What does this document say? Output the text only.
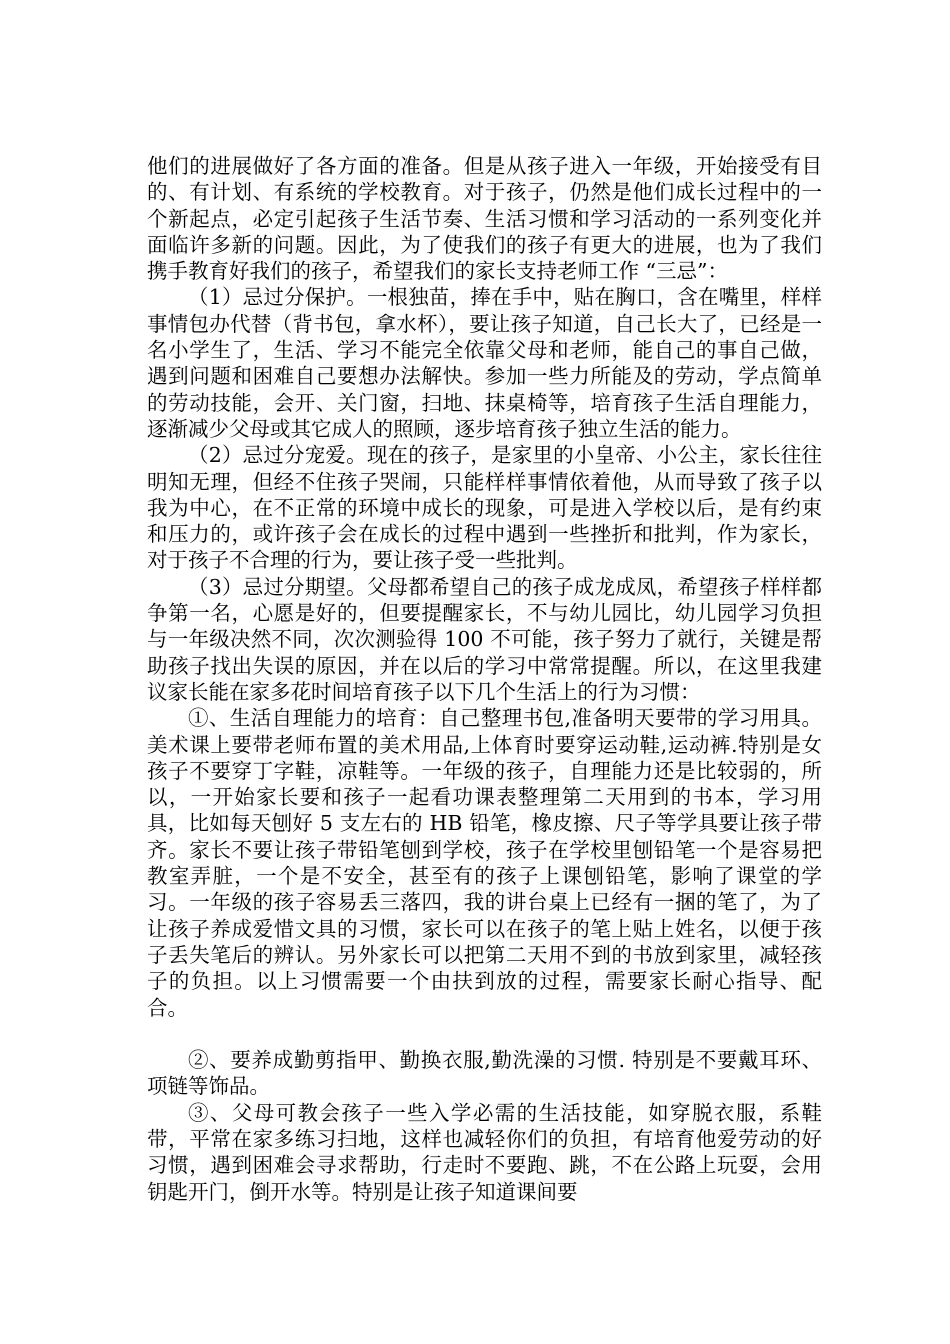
他们的进展做好了各方面的准备。但是从孩子进入一年级，开始接受有目的、有计划、有系统的学校教育。对于孩子，仍然是他们成长过程中的一个新起点，必定引起孩子生活节奏、生活习惯和学习活动的一系列变化并面临许多新的问题。因此，为了使我们的孩子有更大的进展，也为了我们携手教育好我们的孩子，希望我们的家长支持老师工作 “三忌”：

（1）忌过分保护。一根独苗，捧在手中，贴在胸口，含在嘴里，样样事情包办代替（背书包，拿水杯），要让孩子知道，自己长大了，已经是一名小学生了，生活、学习不能完全依靠父母和老师，能自己的事自己做，遇到问题和困难自己要想办法解快。参加一些力所能及的劳动，学点简单的劳动技能，会开、关门窗，扫地、抹桌椅等，培育孩子生活自理能力，逐渐减少父母或其它成人的照顾，逐步培育孩子独立生活的能力。

（2）忌过分宠爱。现在的孩子，是家里的小皇帝、小公主，家长往往明知无理，但经不住孩子哭闹，只能样样事情依着他，从而导致了孩子以我为中心，在不正常的环境中成长的现象，可是进入学校以后，是有约束和压力的，或许孩子会在成长的过程中遇到一些挫折和批判，作为家长，对于孩子不合理的行为，要让孩子受一些批判。

（3）忌过分期望。父母都希望自己的孩子成龙成凤，希望孩子样样都争第一名，心愿是好的，但要提醒家长，不与幼儿园比，幼儿园学习负担与一年级决然不同，次次测验得 100 不可能，孩子努力了就行，关键是帮助孩子找出失误的原因，并在以后的学习中常常提醒。所以，在这里我建议家长能在家多花时间培育孩子以下几个生活上的行为习惯：

①、生活自理能力的培育：自己整理书包,准备明天要带的学习用具。美术课上要带老师布置的美术用品,上体育时要穿运动鞋,运动裤.特别是女孩子不要穿丁字鞋，凉鞋等。一年级的孩子，自理能力还是比较弱的，所以，一开始家长要和孩子一起看功课表整理第二天用到的书本，学习用具，比如每天刨好 5 支左右的 HB 铅笔，橡皮擦、尺子等学具要让孩子带齐。家长不要让孩子带铅笔刨到学校，孩子在学校里刨铅笔一个是容易把教室弄脏，一个是不安全，甚至有的孩子上课刨铅笔，影响了课堂的学习。一年级的孩子容易丢三落四，我的讲台桌上已经有一捆的笔了，为了让孩子养成爱惜文具的习惯，家长可以在孩子的笔上贴上姓名，以便于孩子丢失笔后的辨认。另外家长可以把第二天用不到的书放到家里，减轻孩子的负担。以上习惯需要一个由扶到放的过程，需要家长耐心指导、配合。

②、要养成勤剪指甲、勤换衣服,勤洗澡的习惯. 特别是不要戴耳环、项链等饰品。

③、父母可教会孩子一些入学必需的生活技能，如穿脱衣服，系鞋带，平常在家多练习扫地，这样也减轻你们的负担，有培育他爱劳动的好习惯，遇到困难会寻求帮助，行走时不要跑、跳，不在公路上玩耍，会用钥匙开门，倒开水等。特别是让孩子知道课间要
